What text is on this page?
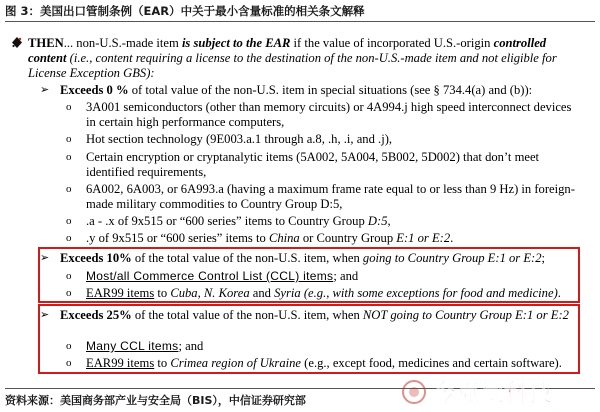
图 3：美国出口管制条例（EAR）中关于最小含量标准的相关条文解释
THEN... non-U.S.-made item is subject to the EAR if the value of incorporated U.S.-origin controlled content (i.e., content requiring a license to the destination of the non-U.S.-made item and not eligible for License Exception GBS):
➢ Exceeds 0 % of total value of the non-U.S. item in special situations (see § 734.4(a) and (b)):
o 3A001 semiconductors (other than memory circuits) or 4A994.j high speed interconnect devices in certain high performance computers,
o Hot section technology (9E003.a.1 through a.8, .h, .i, and .j),
o Certain encryption or cryptanalytic items (5A002, 5A004, 5B002, 5D002) that don’t meet identified requirements,
o 6A002, 6A003, or 6A993.a (having a maximum frame rate equal to or less than 9 Hz) in foreign-made military commodities to Country Group D:5,
o .a - .x of 9x515 or “600 series” items to Country Group D:5,
o .y of 9x515 or “600 series” items to China or Country Group E:1 or E:2.
➢ Exceeds 10% of the total value of the non-U.S. item, when going to Country Group E:1 or E:2;
o Most/all Commerce Control List (CCL) items; and
o EAR99 items to Cuba, N. Korea and Syria (e.g., with some exceptions for food and medicine).
➢ Exceeds 25% of the total value of the non-U.S. item, when NOT going to Country Group E:1 or E:2
o Many CCL items; and
o EAR99 items to Crimea region of Ukraine (e.g., except food, medicines and certain software).
资料来源：美国商务部产业与安全局（BIS），中信证券研究部	今克微科技
